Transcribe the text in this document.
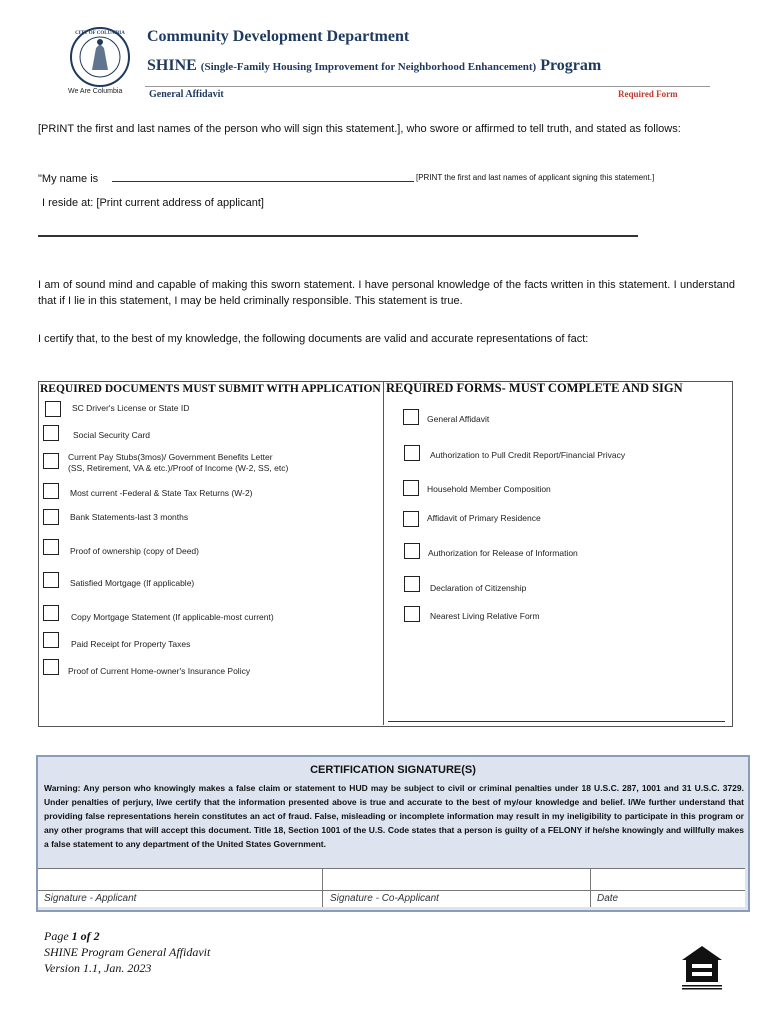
CITY OF COLUMBIA
We Are Columbia
Community Development Department
SHINE (Single-Family Housing Improvement for Neighborhood Enhancement) Program
General Affidavit	Required Form
[PRINT the first and last names of the person who will sign this statement.], who swore or affirmed to tell truth, and stated as follows:
"My name is	[PRINT the first and last names of applicant signing this statement.]
I reside at: [Print current address of applicant]
I am of sound mind and capable of making this sworn statement. I have personal knowledge of the facts written in this statement. I understand that if I lie in this statement, I may be held criminally responsible. This statement is true.
I certify that, to the best of my knowledge, the following documents are valid and accurate representations of fact:
REQUIRED DOCUMENTS MUST SUBMIT WITH APPLICATION REQUIRED FORMS- MUST COMPLETE AND SIGN
SC Driver's License or State ID
Social Security Card
Current Pay Stubs(3mos)/ Government Benefits Letter
(SS, Retirement, VA & etc.)/Proof of Income (W-2, SS, etc)
Most current -Federal & State Tax Returns (W-2)
Bank Statements-last 3 months
Proof of ownership (copy of Deed)
Satisfied Mortgage (If applicable)
Copy Mortgage Statement (If applicable-most current)
Paid Receipt for Property Taxes
Proof of Current Home-owner's Insurance Policy
General Affidavit
Authorization to Pull Credit Report/Financial Privacy
Household Member Composition
Affidavit of Primary Residence
Authorization for Release of Information
Declaration of Citizenship
Nearest Living Relative Form
CERTIFICATION SIGNATURE(S)
Warning: Any person who knowingly makes a false claim or statement to HUD may be subject to civil or criminal penalties under 18 U.S.C. 287, 1001 and 31 U.S.C. 3729. Under penalties of perjury, I/we certify that the information presented above is true and accurate to the best of my/our knowledge and belief. I/We further understand that providing false representations herein constitutes an act of fraud. False, misleading or incomplete information may result in my ineligibility to participate in this program or any other programs that will accept this document. Title 18, Section 1001 of the U.S. Code states that a person is guilty of a FELONY if he/she knowingly and willfully makes a false statement to any department of the United States Government.
Signature - Applicant	Signature - Co-Applicant	Date
Page 1 of 2
SHINE Program General Affidavit
Version 1.1, Jan. 2023
